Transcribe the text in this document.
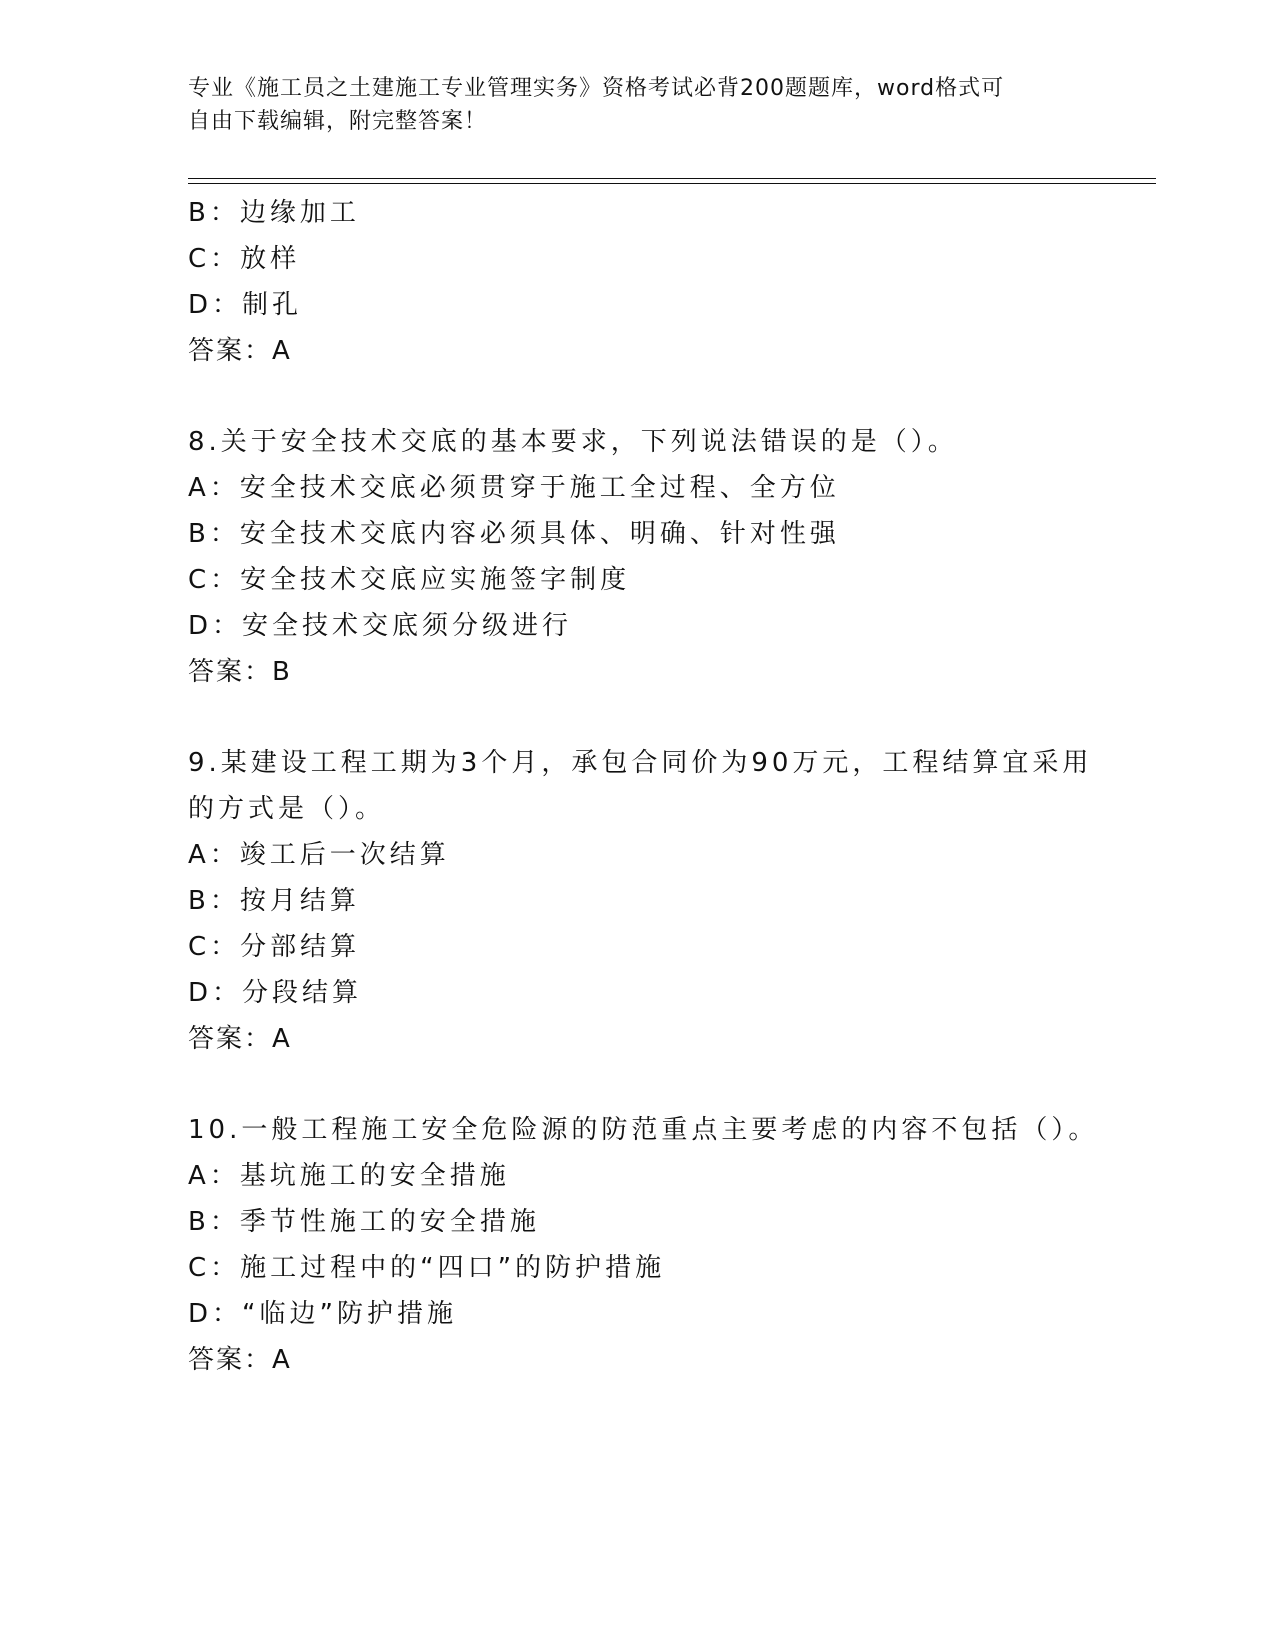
专业《施工员之土建施工专业管理实务》资格考试必背200题题库，word格式可
自由下载编辑，附完整答案！
B：边缘加工
C：放样
D：制孔
答案：A
8.关于安全技术交底的基本要求，下列说法错误的是（）。
A：安全技术交底必须贯穿于施工全过程、全方位
B：安全技术交底内容必须具体、明确、针对性强
C：安全技术交底应实施签字制度
D：安全技术交底须分级进行
答案：B
9.某建设工程工期为3个月，承包合同价为90万元，工程结算宜采用
的方式是（）。
A：竣工后一次结算
B：按月结算
C：分部结算
D：分段结算
答案：A
10.一般工程施工安全危险源的防范重点主要考虑的内容不包括（）。
A：基坑施工的安全措施
B：季节性施工的安全措施
C：施工过程中的“四口”的防护措施
D：“临边”防护措施
答案：A
